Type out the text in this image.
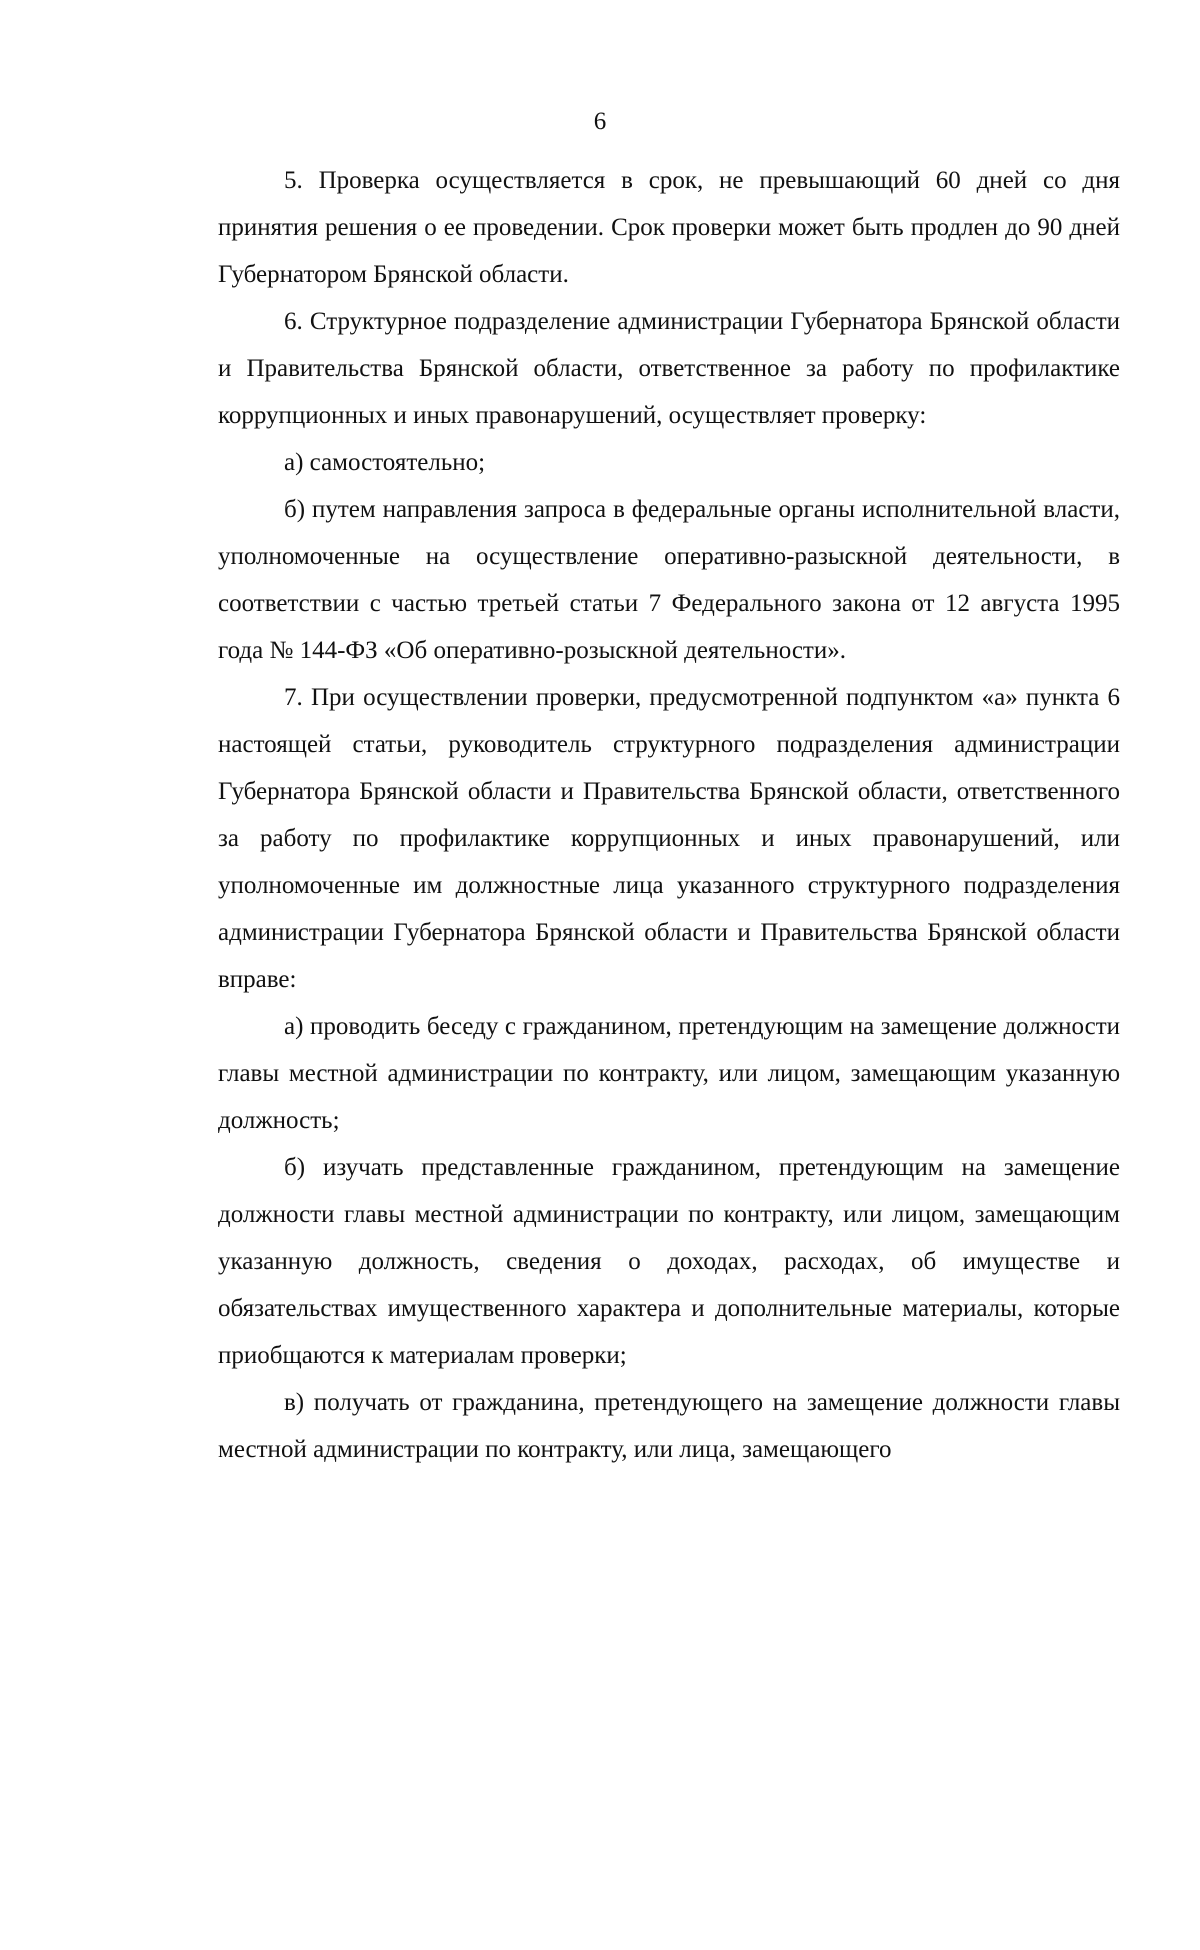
6

5. Проверка осуществляется в срок, не превышающий 60 дней со дня принятия решения о ее проведении. Срок проверки может быть продлен до 90 дней Губернатором Брянской области.

6. Структурное подразделение администрации Губернатора Брянской области и Правительства Брянской области, ответственное за работу по профилактике коррупционных и иных правонарушений, осуществляет проверку:

а) самостоятельно;

б) путем направления запроса в федеральные органы исполнительной власти, уполномоченные на осуществление оперативно-разыскной деятельности, в соответствии с частью третьей статьи 7 Федерального закона от 12 августа 1995 года № 144-ФЗ «Об оперативно-розыскной деятельности».

7. При осуществлении проверки, предусмотренной подпунктом «а» пункта 6 настоящей статьи, руководитель структурного подразделения администрации Губернатора Брянской области и Правительства Брянской области, ответственного за работу по профилактике коррупционных и иных правонарушений, или уполномоченные им должностные лица указанного структурного подразделения администрации Губернатора Брянской области и Правительства Брянской области вправе:

а) проводить беседу с гражданином, претендующим на замещение должности главы местной администрации по контракту, или лицом, замещающим указанную должность;

б) изучать представленные гражданином, претендующим на замещение должности главы местной администрации по контракту, или лицом, замещающим указанную должность, сведения о доходах, расходах, об имуществе и обязательствах имущественного характера и дополнительные материалы, которые приобщаются к материалам проверки;

в) получать от гражданина, претендующего на замещение должности главы местной администрации по контракту, или лица, замещающего
